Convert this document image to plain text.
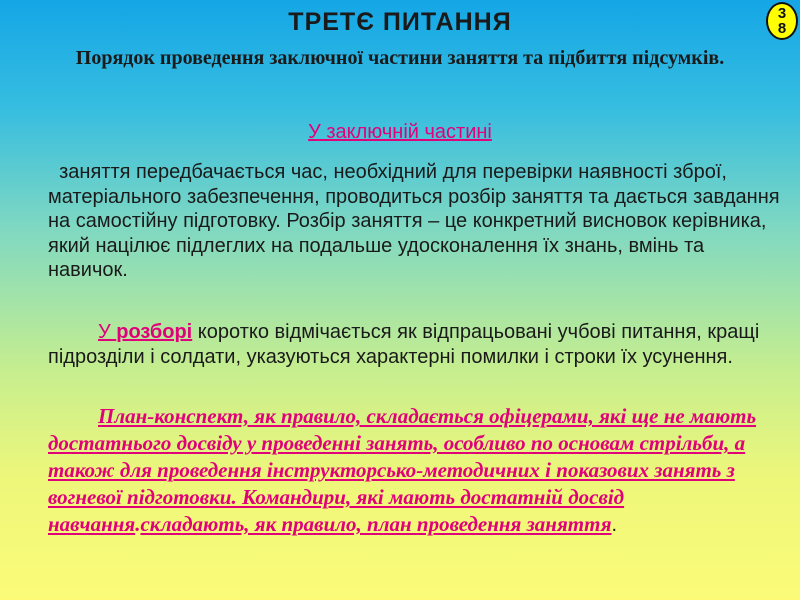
3
8
ТРЕТЄ ПИТАННЯ
Порядок проведення заключної частини заняття та підбиття підсумків.
У заключній частині

заняття передбачається час, необхідний для перевірки наявності зброї, матеріального забезпечення, проводиться розбір заняття та дається завдання на самостійну підготовку. Розбір заняття – це конкретний висновок керівника, який націлює підлеглих на подальше удосконалення їх знань, вмінь та навичок.

У розборі коротко відмічається як відпрацьовані учбові питання, кращі підрозділи і солдати, указуються характерні помилки і строки їх усунення.

План-конспект, як правило, складається офіцерами, які ще не мають достатнього досвіду у проведенні занять, особливо по основам стрільби, а також для проведення інструкторсько-методичних і показових занять з вогневої підготовки. Командири, які мають достатній досвід навчання.складають, як правило, план проведення заняття.
